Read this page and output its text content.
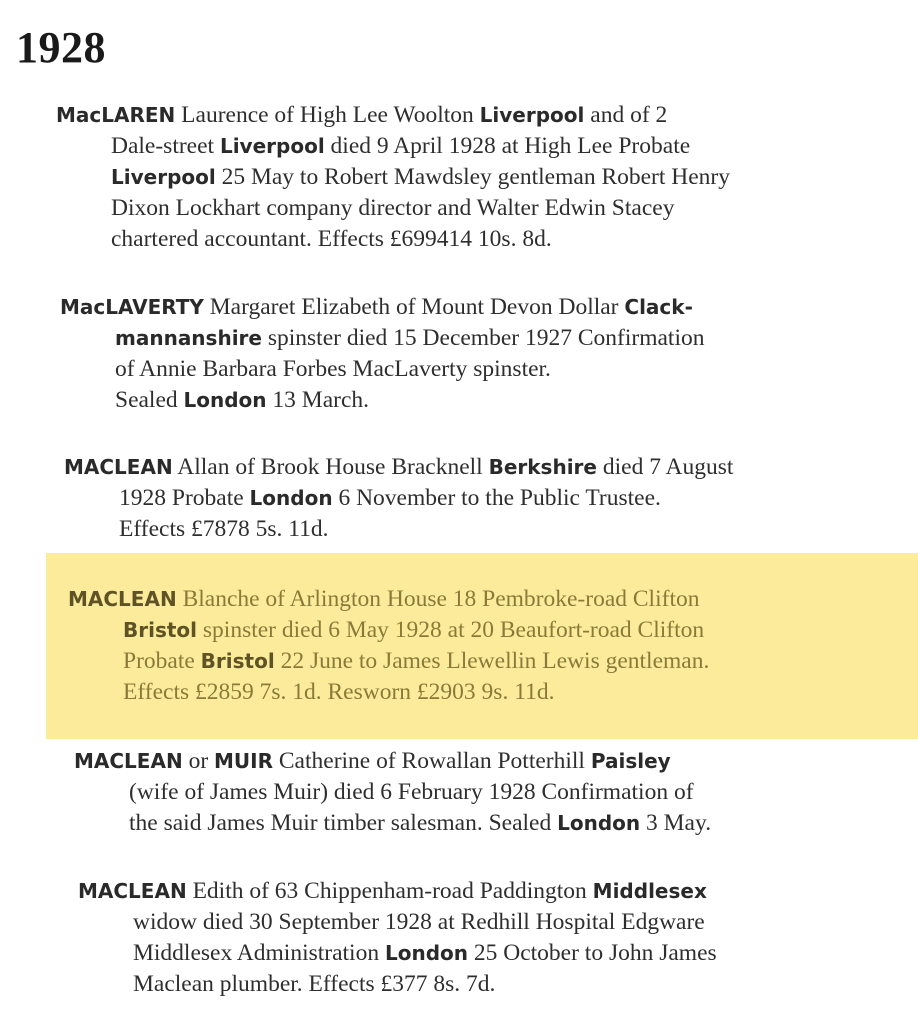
1928
MacLAREN Laurence of High Lee Woolton Liverpool and of 2
Dale-street Liverpool died 9 April 1928 at High Lee Probate
Liverpool 25 May to Robert Mawdsley gentleman Robert Henry
Dixon Lockhart company director and Walter Edwin Stacey
chartered accountant. Effects £699414 10s. 8d.
MacLAVERTY Margaret Elizabeth of Mount Devon Dollar Clack-
mannanshire spinster died 15 December 1927 Confirmation
of Annie Barbara Forbes MacLaverty spinster.
Sealed London 13 March.
MACLEAN Allan of Brook House Bracknell Berkshire died 7 August
1928 Probate London 6 November to the Public Trustee.
Effects £7878 5s. 11d.
MACLEAN Blanche of Arlington House 18 Pembroke-road Clifton
Bristol spinster died 6 May 1928 at 20 Beaufort-road Clifton
Probate Bristol 22 June to James Llewellin Lewis gentleman.
Effects £2859 7s. 1d. Resworn £2903 9s. 11d.
MACLEAN or MUIR Catherine of Rowallan Potterhill Paisley
(wife of James Muir) died 6 February 1928 Confirmation of
the said James Muir timber salesman. Sealed London 3 May.
MACLEAN Edith of 63 Chippenham-road Paddington Middlesex
widow died 30 September 1928 at Redhill Hospital Edgware
Middlesex Administration London 25 October to John James
Maclean plumber. Effects £377 8s. 7d.
